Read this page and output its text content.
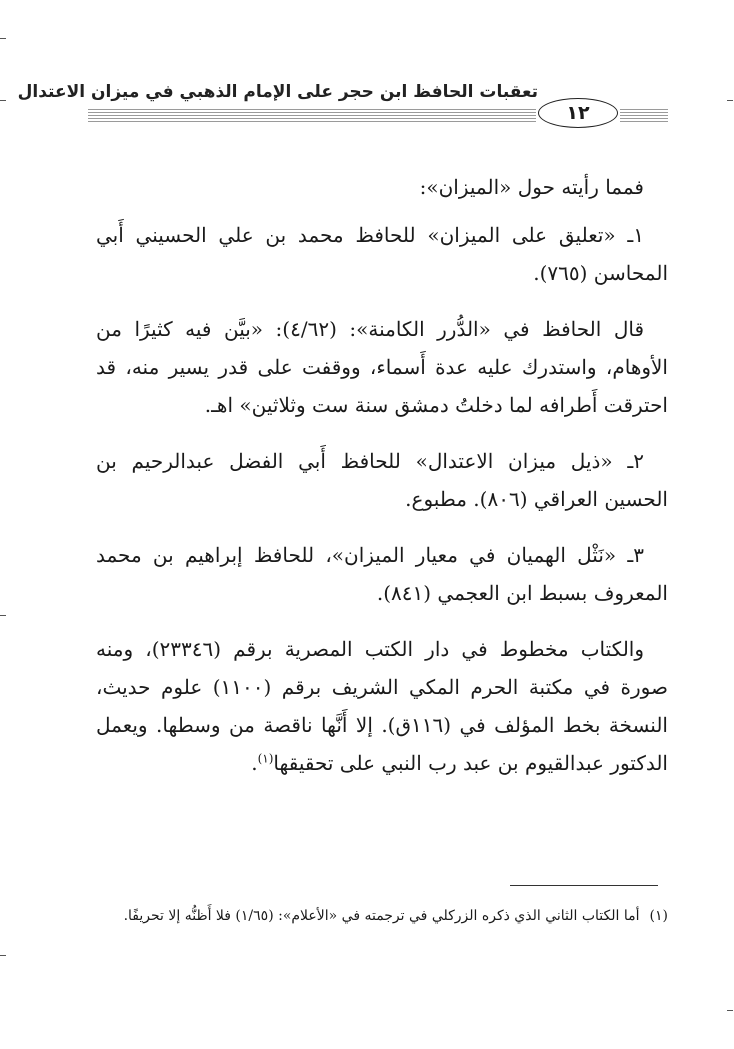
تعقبات الحافظ ابن حجر على الإمام الذهبي في ميزان الاعتدال
١٢

فمما رأيته حول «الميزان»:

١ـ «تعليق على الميزان» للحافظ محمد بن علي الحسيني أَبي المحاسن (٧٦٥).

قال الحافظ في «الدُّرر الكامنة»: (٤/٦٢): «بيَّن فيه كثيرًا من الأوهام، واستدرك عليه عدة أَسماء، ووقفت على قدر يسير منه، قد احترقت أَطرافه لما دخلتُ دمشق سنة ست وثلاثين» اهـ.

٢ـ «ذيل ميزان الاعتدال» للحافظ أَبي الفضل عبدالرحيم بن الحسين العراقي (٨٠٦). مطبوع.

٣ـ «نَثْل الهميان في معيار الميزان»، للحافظ إبراهيم بن محمد المعروف بسبط ابن العجمي (٨٤١).

والكتاب مخطوط في دار الكتب المصرية برقم (٢٣٣٤٦)، ومنه صورة في مكتبة الحرم المكي الشريف برقم (١١٠٠) علوم حديث، النسخة بخط المؤلف في (١١٦ق). إلا أَنَّها ناقصة من وسطها. ويعمل الدكتور عبدالقيوم بن عبد رب النبي على تحقيقها$^{(١)}$.

(١)أما الكتاب الثاني الذي ذكره الزركلي في ترجمته في «الأعلام»: (١/٦٥) فلا أَظنُّه إلا تحريفًا.
